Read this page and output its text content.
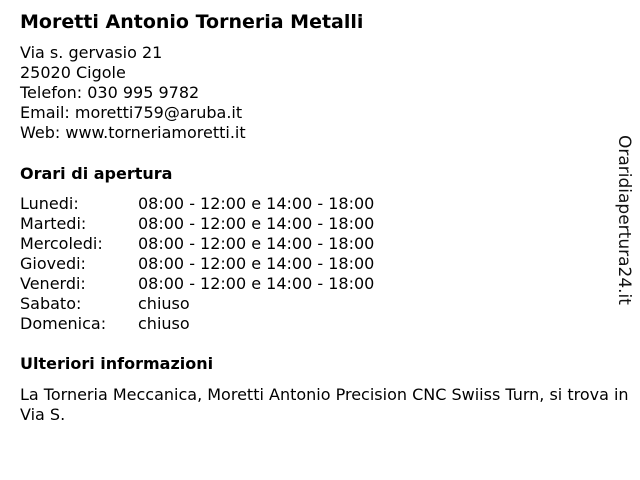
Moretti Antonio Torneria Metalli
Via s. gervasio 21
25020 Cigole
Telefon: 030 995 9782
Email: moretti759@aruba.it
Web: www.torneriamoretti.it
Orari di apertura
Lunedi:	08:00 - 12:00 e 14:00 - 18:00
Martedi:	08:00 - 12:00 e 14:00 - 18:00
Mercoledi: 08:00 - 12:00 e 14:00 - 18:00
Giovedi:	08:00 - 12:00 e 14:00 - 18:00
Venerdi:	08:00 - 12:00 e 14:00 - 18:00
Sabato:	chiuso
Domenica: chiuso
Ulteriori informazioni
La Torneria Meccanica, Moretti Antonio Precision CNC Swiiss Turn, si trova in Via S.
Oraridiapertura24.it
